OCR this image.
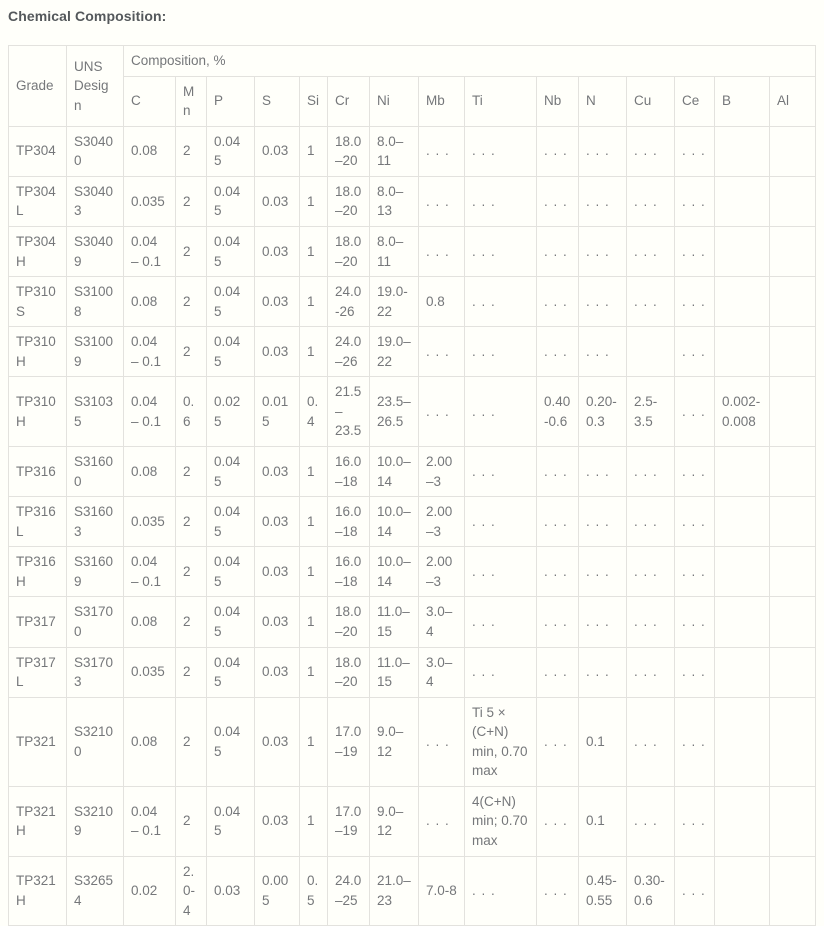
Chemical Composition:
Grade	UNS Design	Composition, %														
		C	Mn	P	S	Si	Cr	Ni	Mb	Ti	Nb	N	Cu	Ce	B	Al
TP304	S30400	0.08	2	0.045	0.03	1	18.0–20	8.0–11	. . .	. . .	. . .	. . .	. . .	. . .		
TP304L	S30403	0.035	2	0.045	0.03	1	18.0–20	8.0–13	. . .	. . .	. . .	. . .	. . .	. . .		
TP304H	S30409	0.04 – 0.1	2	0.045	0.03	1	18.0–20	8.0–11	. . .	. . .	. . .	. . .	. . .	. . .		
TP310S	S31008	0.08	2	0.045	0.03	1	24.0-26	19.0-22	0.8	. . .	. . .	. . .	. . .	. . .		
TP310H	S31009	0.04 – 0.1	2	0.045	0.03	1	24.0–26	19.0–22	. . .	. . .	. . .	. . .		. . .		
TP310H	S31035	0.04 – 0.1	0.6	0.025	0.015	0.4	21.5–23.5	23.5–26.5	. . .	. . .	0.40-0.6	0.20-0.3	2.5-3.5	. . .	0.002-0.008	
TP316	S31600	0.08	2	0.045	0.03	1	16.0–18	10.0–14	2.00–3	. . .	. . .	. . .	. . .	. . .		
TP316L	S31603	0.035	2	0.045	0.03	1	16.0–18	10.0–14	2.00–3	. . .	. . .	. . .	. . .	. . .		
TP316H	S31609	0.04 – 0.1	2	0.045	0.03	1	16.0–18	10.0–14	2.00–3	. . .	. . .	. . .	. . .	. . .		
TP317	S31700	0.08	2	0.045	0.03	1	18.0–20	11.0–15	3.0–4	. . .	. . .	. . .	. . .	. . .		
TP317L	S31703	0.035	2	0.045	0.03	1	18.0–20	11.0–15	3.0–4	. . .	. . .	. . .	. . .	. . .		
TP321	S32100	0.08	2	0.045	0.03	1	17.0–19	9.0–12	. . .	Ti 5 × (C+N) min, 0.70 max	. . .	0.1	. . .	. . .		
TP321H	S32109	0.04 – 0.1	2	0.045	0.03	1	17.0–19	9.0–12	. . .	4(C+N) min; 0.70 max	. . .	0.1	. . .	. . .		
TP321H	S32654	0.02	2.0-4	0.03	0.005	0.5	24.0–25	21.0–23	7.0-8	. . .	. . .	0.45-0.55	0.30-0.6	. . .		
